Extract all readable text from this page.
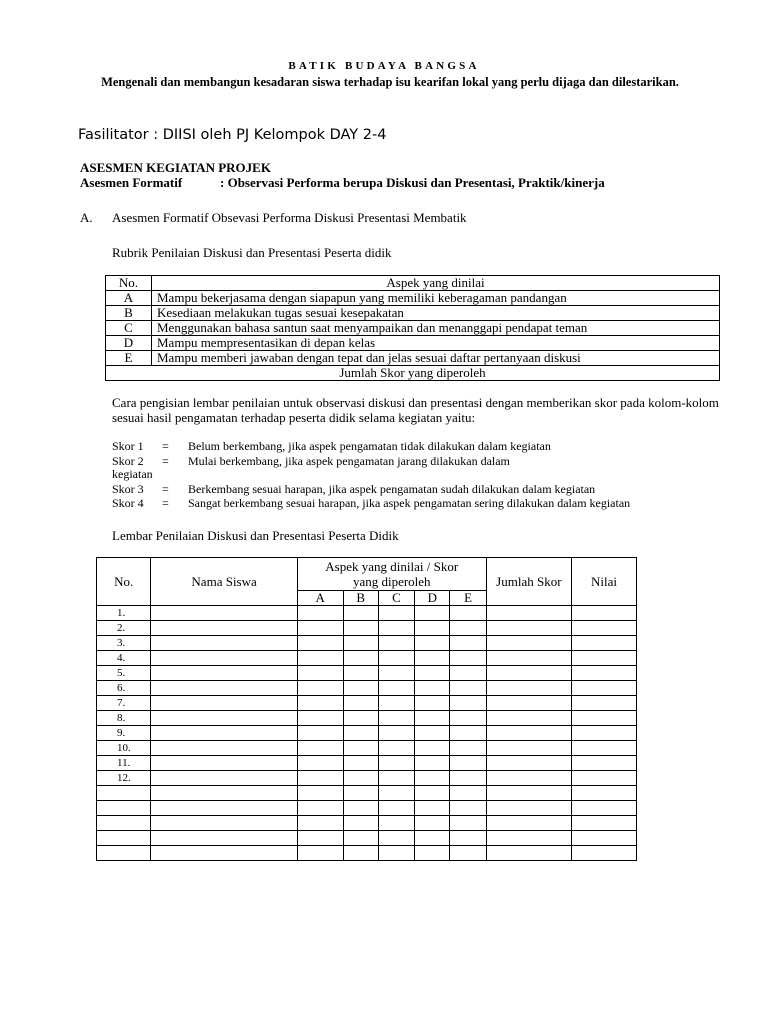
BATIK BUDAYA BANGSA
Mengenali dan membangun kesadaran siswa terhadap isu kearifan lokal yang perlu dijaga dan dilestarikan.
Fasilitator : DIISI oleh PJ Kelompok DAY 2-4
ASESMEN KEGIATAN PROJEK
Asesmen Formatif	: Observasi Performa berupa Diskusi dan Presentasi, Praktik/kinerja
A. Asesmen Formatif Obsevasi Performa Diskusi Presentasi Membatik
Rubrik Penilaian Diskusi dan Presentasi Peserta didik
No.	Aspek yang dinilai
A	Mampu bekerjasama dengan siapapun yang memiliki keberagaman pandangan
B	Kesediaan melakukan tugas sesuai kesepakatan
C	Menggunakan bahasa santun saat menyampaikan dan menanggapi pendapat teman
D	Mampu mempresentasikan di depan kelas
E	Mampu memberi jawaban dengan tepat dan jelas sesuai daftar pertanyaan diskusi
Jumlah Skor yang diperoleh	
Cara pengisian lembar penilaian untuk observasi diskusi dan presentasi dengan memberikan skor pada kolom-kolom sesuai hasil pengamatan terhadap peserta didik selama kegiatan yaitu:
Skor 1 = Belum berkembang, jika aspek pengamatan tidak dilakukan dalam kegiatan
Skor 2 = Mulai berkembang, jika aspek pengamatan jarang dilakukan dalam
kegiatan
Skor 3 = Berkembang sesuai harapan, jika aspek pengamatan sudah dilakukan dalam kegiatan
Skor 4 = Sangat berkembang sesuai harapan, jika aspek pengamatan sering dilakukan dalam kegiatan
Lembar Penilaian Diskusi dan Presentasi Peserta Didik
No.	Nama Siswa	Aspek yang dinilai / Skor yang diperoleh					Jumlah Skor	Nilai
		A	B	C	D	E		
1.								
2.								
3.								
4.								
5.								
6.								
7.								
8.								
9.								
10.								
11.								
12.								
